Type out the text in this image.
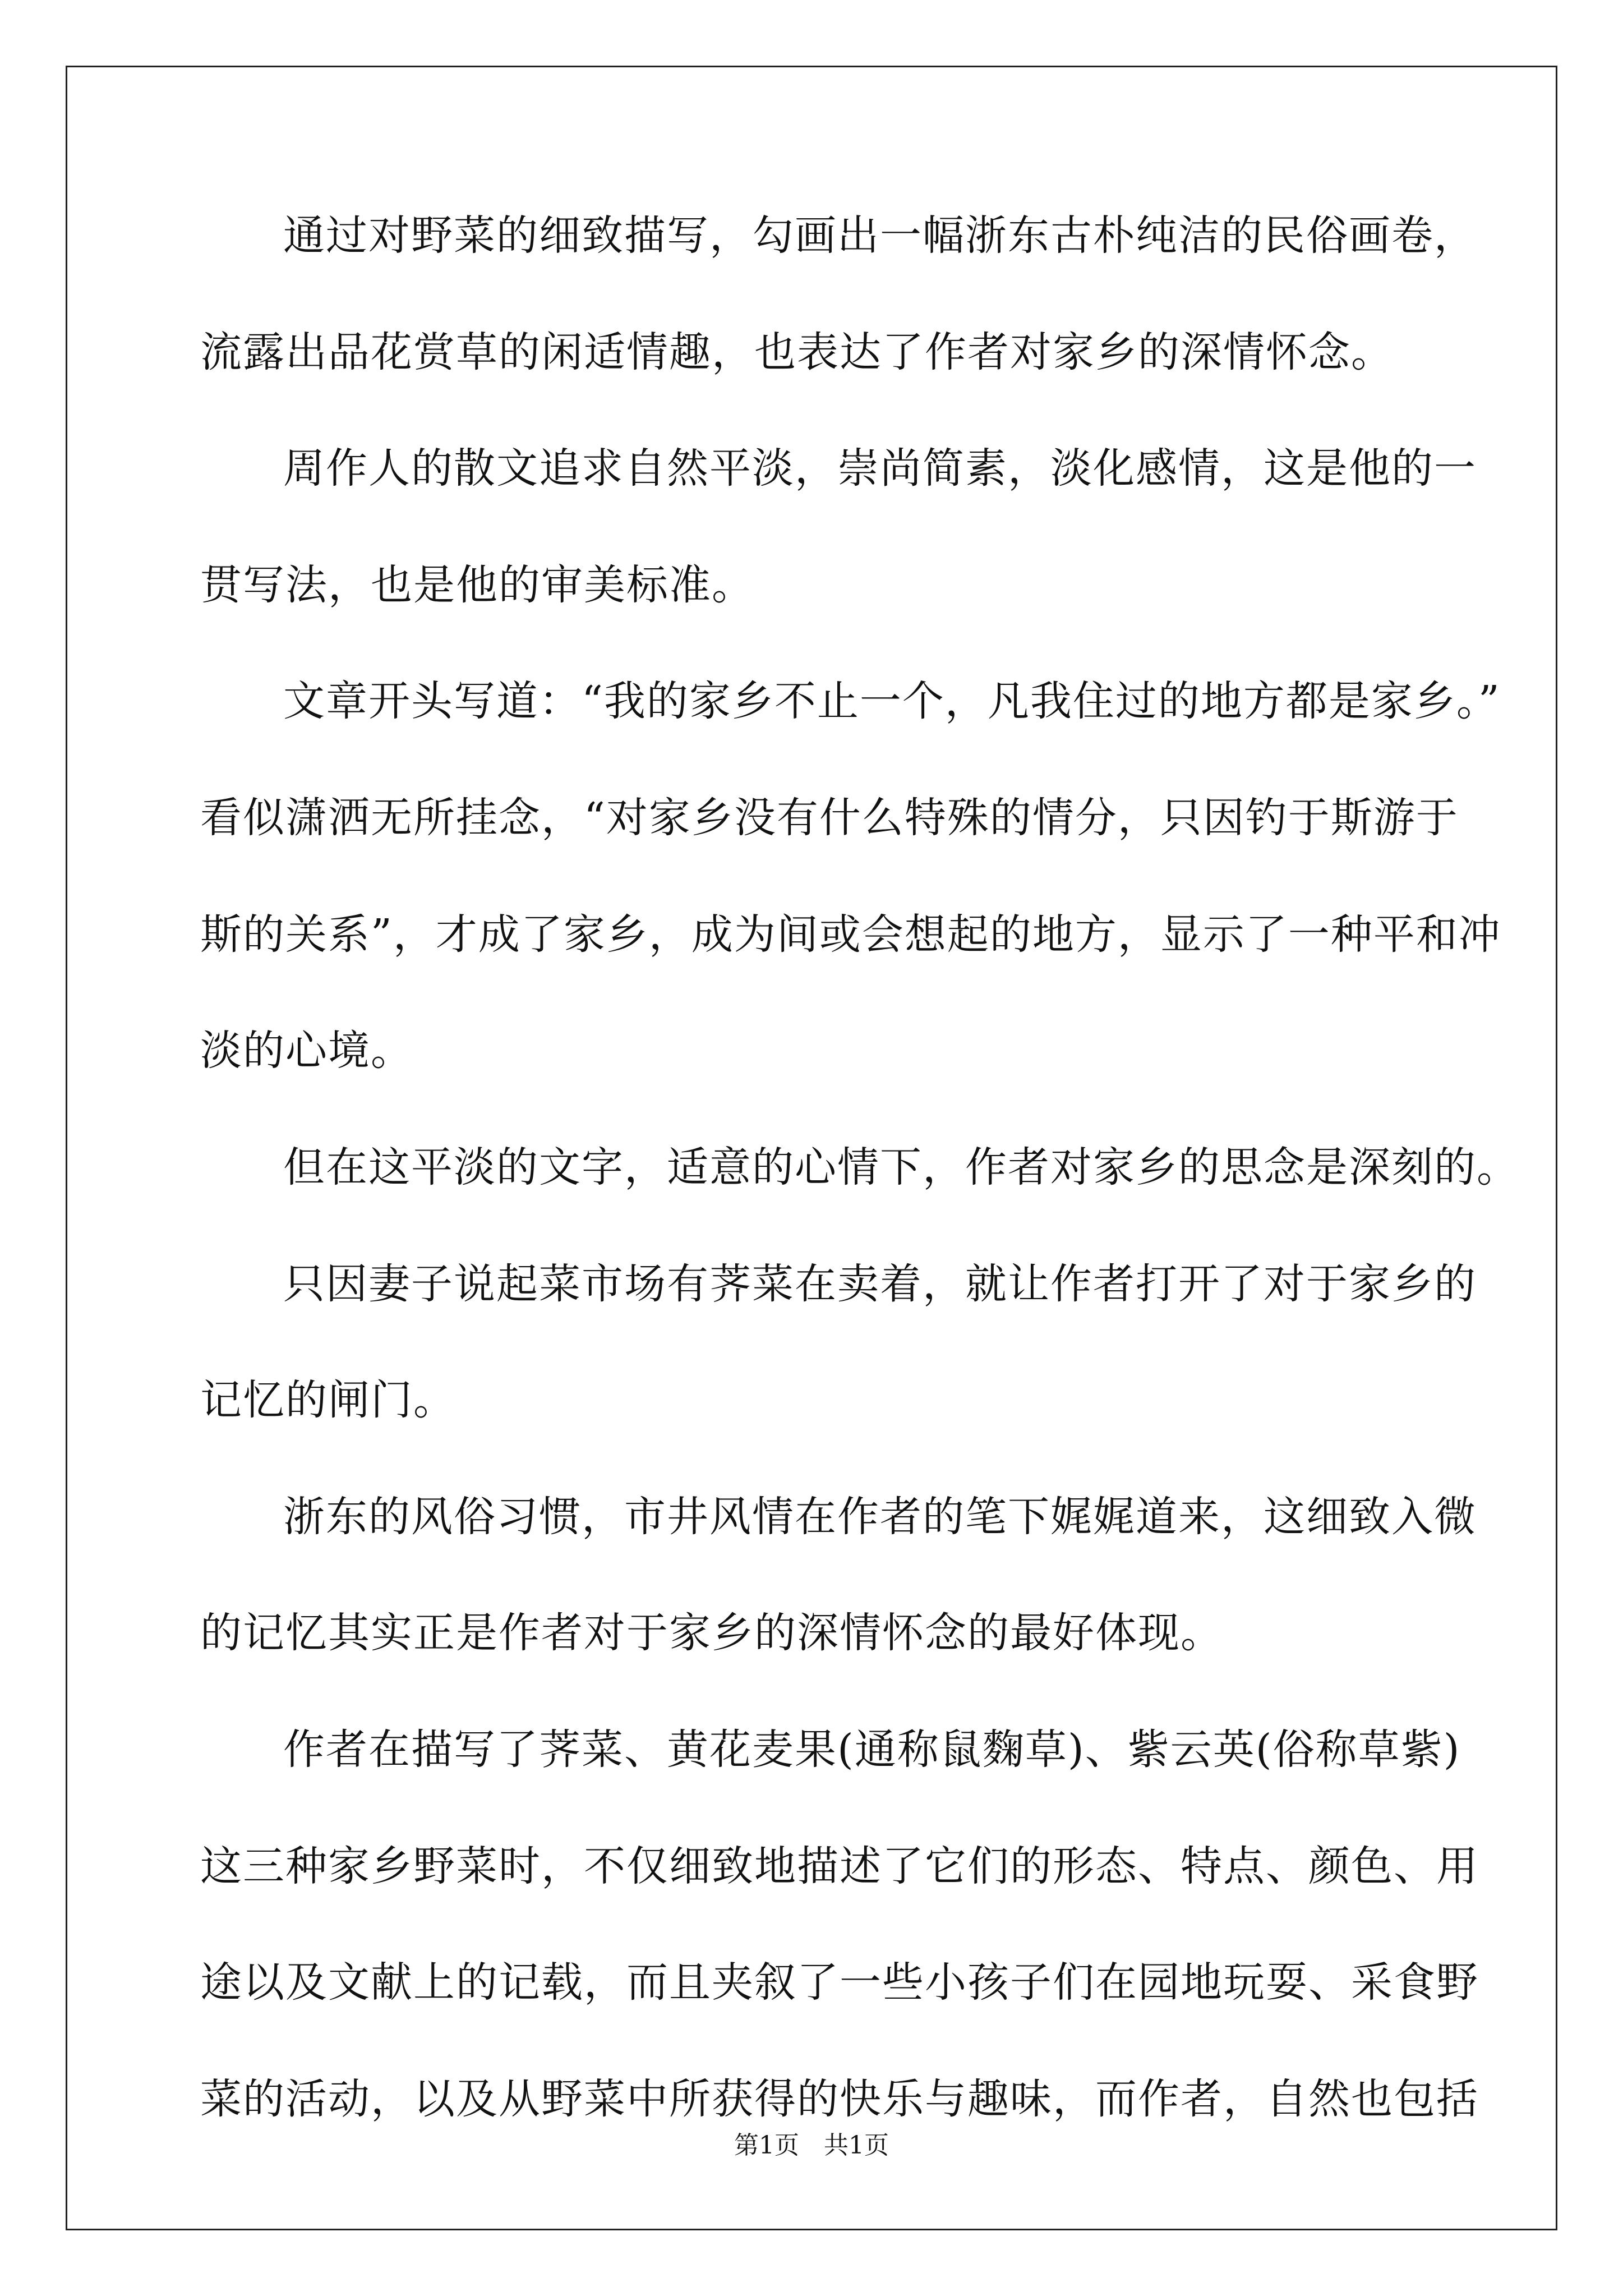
通过对野菜的细致描写，勾画出一幅浙东古朴纯洁的民俗画卷，
流露出品花赏草的闲适情趣，也表达了作者对家乡的深情怀念。
周作人的散文追求自然平淡，崇尚简素，淡化感情，这是他的一
贯写法，也是他的审美标准。
文章开头写道：“我的家乡不止一个，凡我住过的地方都是家乡。”
看似潇洒无所挂念，“对家乡没有什么特殊的情分，只因钓于斯游于
斯的关系”，才成了家乡，成为间或会想起的地方，显示了一种平和冲
淡的心境。
但在这平淡的文字，适意的心情下，作者对家乡的思念是深刻的。
只因妻子说起菜市场有荠菜在卖着，就让作者打开了对于家乡的
记忆的闸门。
浙东的风俗习惯，市井风情在作者的笔下娓娓道来，这细致入微
的记忆其实正是作者对于家乡的深情怀念的最好体现。
作者在描写了荠菜、黄花麦果(通称鼠麴草)、紫云英(俗称草紫)
这三种家乡野菜时，不仅细致地描述了它们的形态、特点、颜色、用
途以及文献上的记载，而且夹叙了一些小孩子们在园地玩耍、采食野
菜的活动，以及从野菜中所获得的快乐与趣味，而作者，自然也包括
第1页　共1页
